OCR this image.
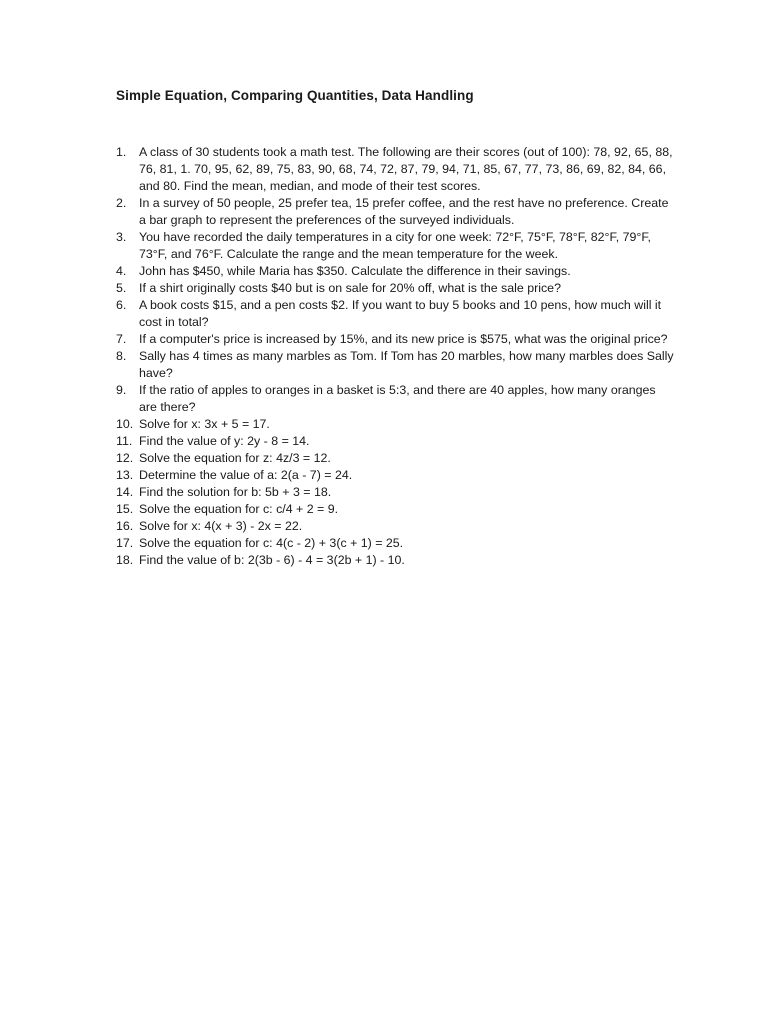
Simple Equation, Comparing Quantities, Data Handling
1.	A class of 30 students took a math test. The following are their scores (out of 100): 78, 92, 65, 88, 76, 81, 1. 70, 95, 62, 89, 75, 83, 90, 68, 74, 72, 87, 79, 94, 71, 85, 67, 77, 73, 86, 69, 82, 84, 66, and 80. Find the mean, median, and mode of their test scores.
2.	In a survey of 50 people, 25 prefer tea, 15 prefer coffee, and the rest have no preference. Create a bar graph to represent the preferences of the surveyed individuals.
3.	You have recorded the daily temperatures in a city for one week: 72°F, 75°F, 78°F, 82°F, 79°F, 73°F, and 76°F. Calculate the range and the mean temperature for the week.
4.	John has $450, while Maria has $350. Calculate the difference in their savings.
5.	If a shirt originally costs $40 but is on sale for 20% off, what is the sale price?
6.	A book costs $15, and a pen costs $2. If you want to buy 5 books and 10 pens, how much will it cost in total?
7.	If a computer's price is increased by 15%, and its new price is $575, what was the original price?
8.	Sally has 4 times as many marbles as Tom. If Tom has 20 marbles, how many marbles does Sally have?
9.	If the ratio of apples to oranges in a basket is 5:3, and there are 40 apples, how many oranges are there?
10. Solve for x: 3x + 5 = 17.
11. Find the value of y: 2y - 8 = 14.
12. Solve the equation for z: 4z/3 = 12.
13. Determine the value of a: 2(a - 7) = 24.
14. Find the solution for b: 5b + 3 = 18.
15. Solve the equation for c: c/4 + 2 = 9.
16. Solve for x: 4(x + 3) - 2x = 22.
17. Solve the equation for c: 4(c - 2) + 3(c + 1) = 25.
18. Find the value of b: 2(3b - 6) - 4 = 3(2b + 1) - 10.
